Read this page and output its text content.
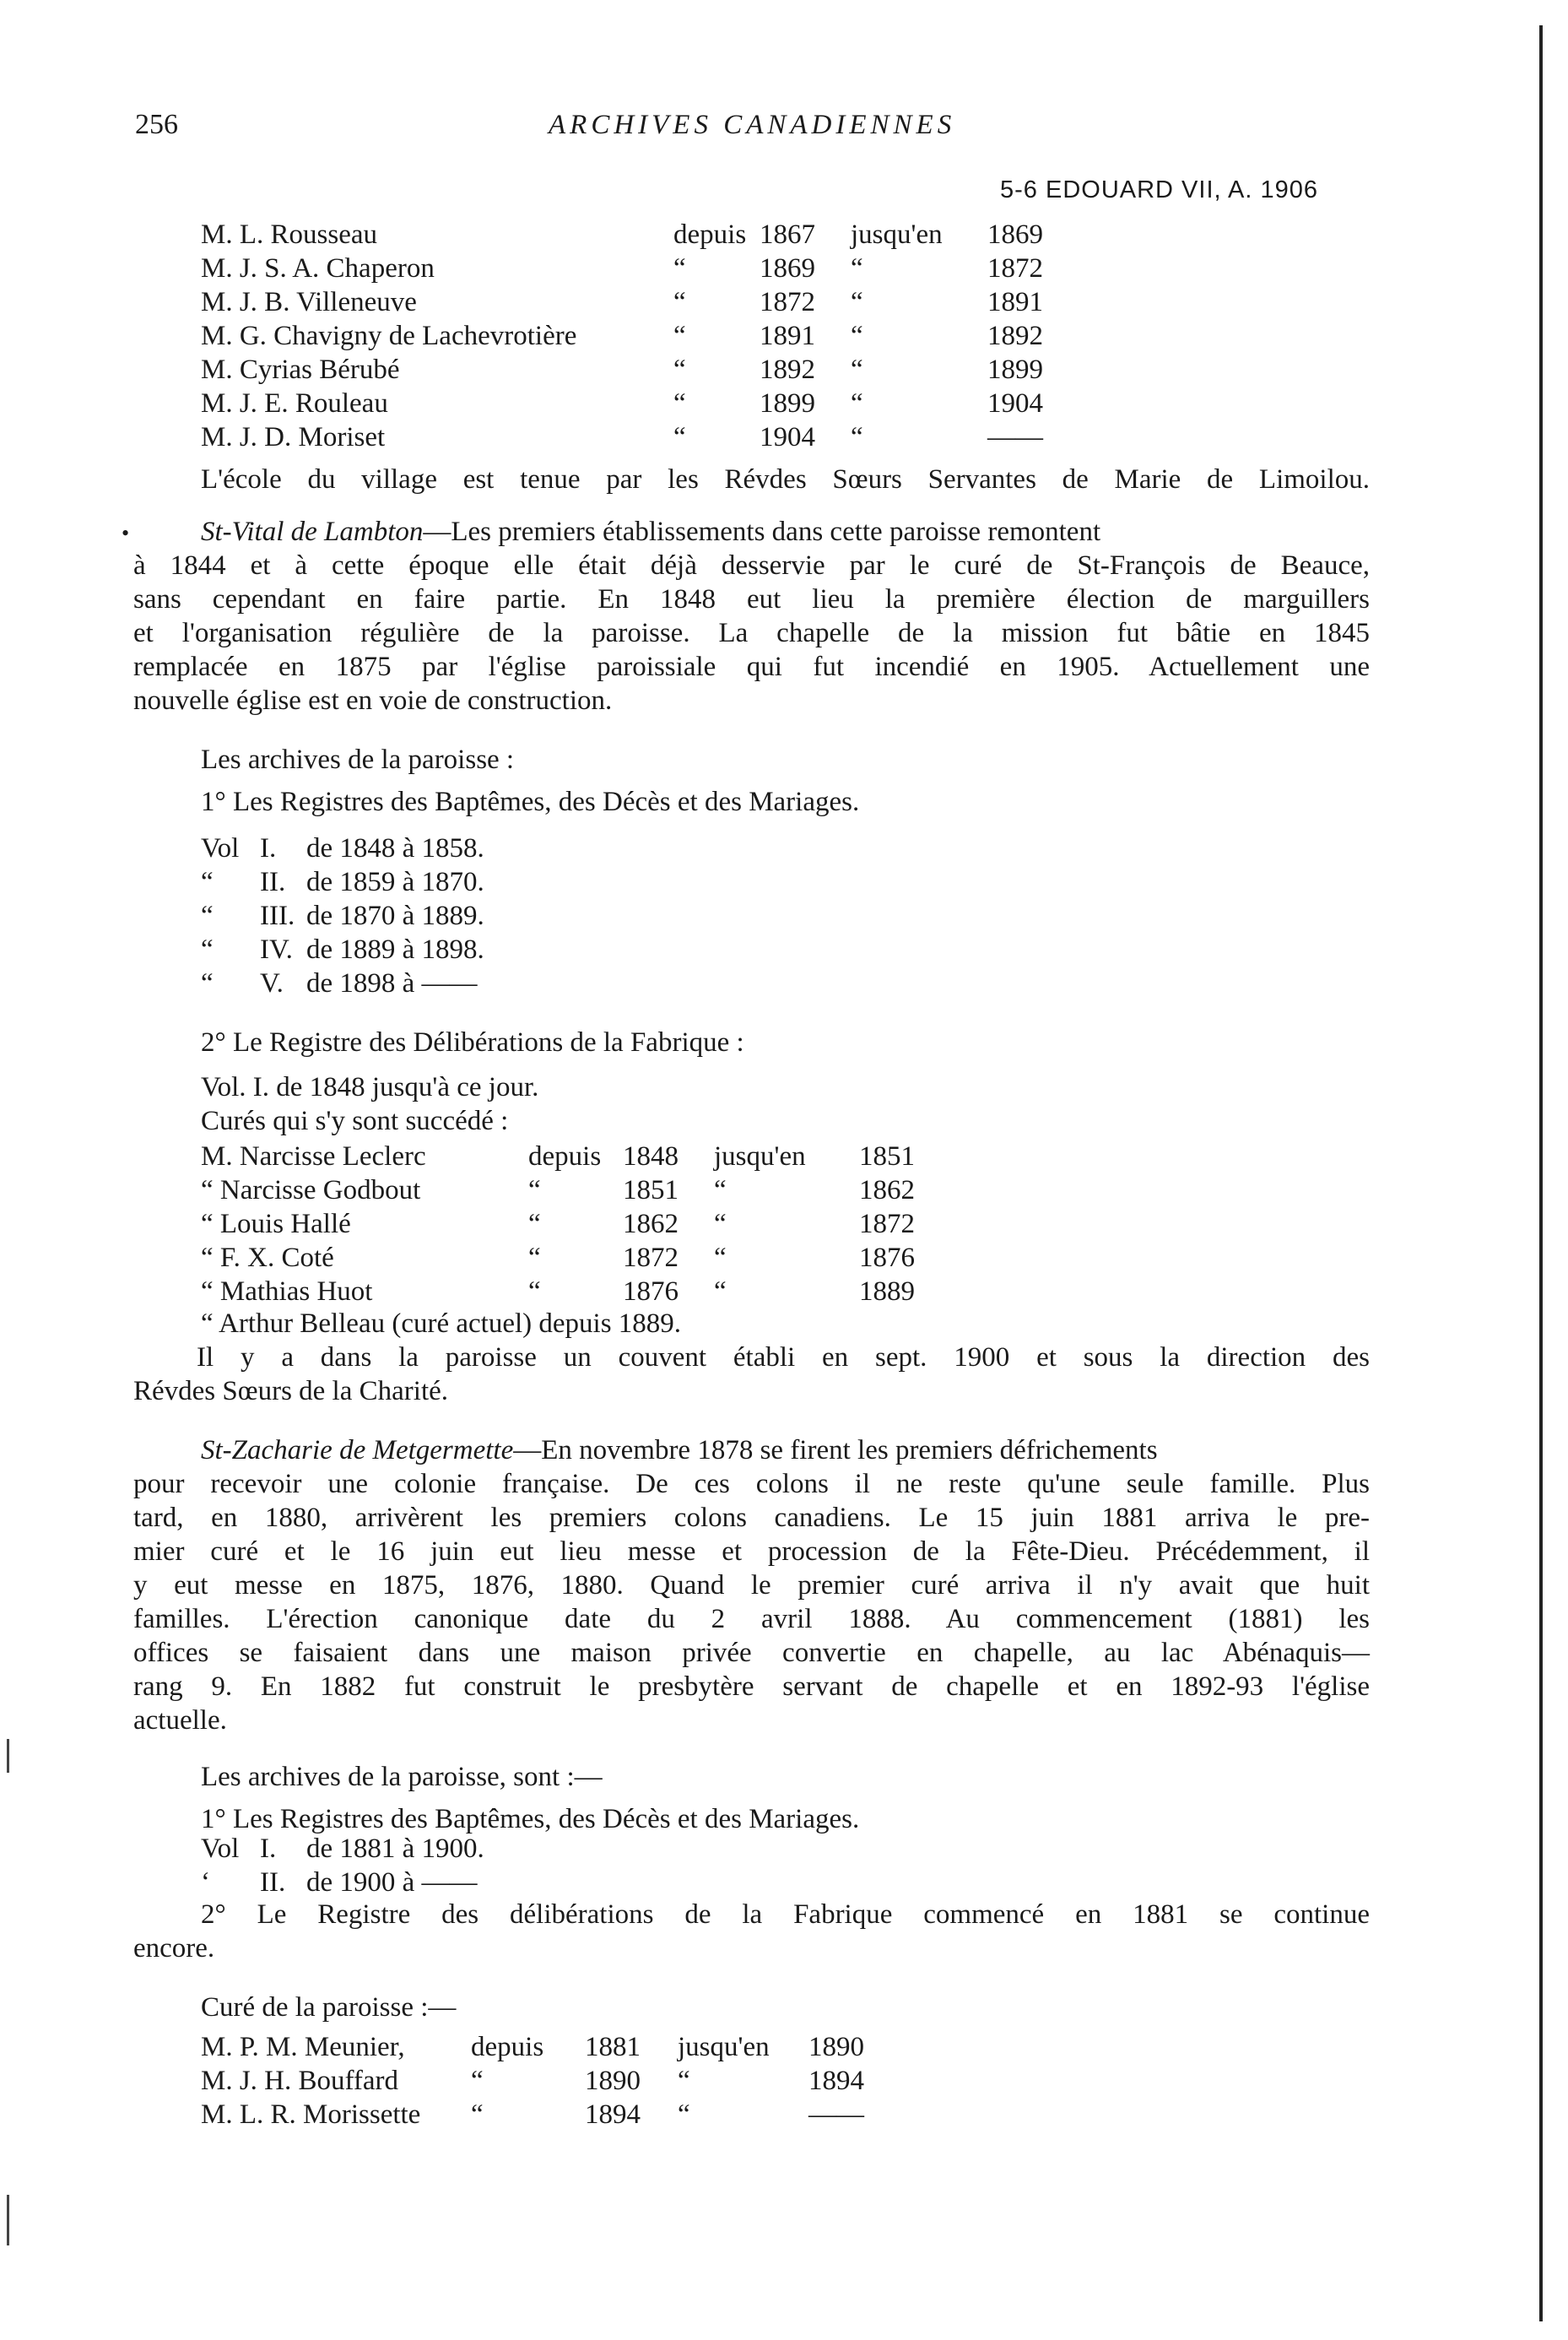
256	ARCHIVES CANADIENNES
5-6 EDOUARD VII, A. 1906
M. L. Rousseau	depuis 1867 jusqu'en 1869
M. J. S. A. Chaperon	“	1869 “	1872
M. J. B. Villeneuve	“	1872 “	1891
M. G. Chavigny de Lachevrotière	“	1891 “	1892
M. Cyrias Bérubé	“	1892 “	1899
M. J. E. Rouleau	“	1899 “	1904
M. J. D. Moriset	“	1904 “	——
L'école du village est tenue par les Révdes Sœurs Servantes de Marie de Limoilou.
•	St-Vital de Lambton—Les premiers établissements dans cette paroisse remontent
à 1844 et à cette époque elle était déjà desservie par le curé de St-François de Beauce,
sans cependant en faire partie. En 1848 eut lieu la première élection de marguillers
et l'organisation régulière de la paroisse. La chapelle de la mission fut bâtie en 1845
remplacée en 1875 par l'église paroissiale qui fut incendié en 1905. Actuellement une
nouvelle église est en voie de construction.
Les archives de la paroisse :
1° Les Registres des Baptêmes, des Décès et des Mariages.
Vol I. de 1848 à 1858.
“ II. de 1859 à 1870.
“ III. de 1870 à 1889.
“ IV. de 1889 à 1898.
“ V. de 1898 à ——
2° Le Registre des Délibérations de la Fabrique :
Vol. I. de 1848 jusqu'à ce jour.
Curés qui s'y sont succédé :
M. Narcisse Leclerc	depuis 1848 jusqu'en 1851
“ Narcisse Godbout	“	1851 “	1862
“ Louis Hallé	“	1862 “	1872
“ F. X. Coté	“	1872 “	1876
“ Mathias Huot	“	1876 “	1889
“ Arthur Belleau (curé actuel) depuis 1889.
Il y a dans la paroisse un couvent établi en sept. 1900 et sous la direction des
Révdes Sœurs de la Charité.
St-Zacharie de Metgermette—En novembre 1878 se firent les premiers défrichements
pour recevoir une colonie française. De ces colons il ne reste qu'une seule famille. Plus
tard, en 1880, arrivèrent les premiers colons canadiens. Le 15 juin 1881 arriva le pre-
mier curé et le 16 juin eut lieu messe et procession de la Fête-Dieu. Précédemment, il
y eut messe en 1875, 1876, 1880. Quand le premier curé arriva il n'y avait que huit
familles. L'érection canonique date du 2 avril 1888. Au commencement (1881) les
offices se faisaient dans une maison privée convertie en chapelle, au lac Abénaquis—
rang 9. En 1882 fut construit le presbytère servant de chapelle et en 1892-93 l'église
actuelle.
Les archives de la paroisse, sont :—
1° Les Registres des Baptêmes, des Décès et des Mariages.
Vol I. de 1881 à 1900.
‘ II. de 1900 à ——
2° Le Registre des délibérations de la Fabrique commencé en 1881 se continue
encore.
Curé de la paroisse :—
M. P. M. Meunier, depuis 1881 jusqu'en 1890
M. J. H. Bouffard	“	1890 “	1894
M. L. R. Morissette “	1894 “	——
